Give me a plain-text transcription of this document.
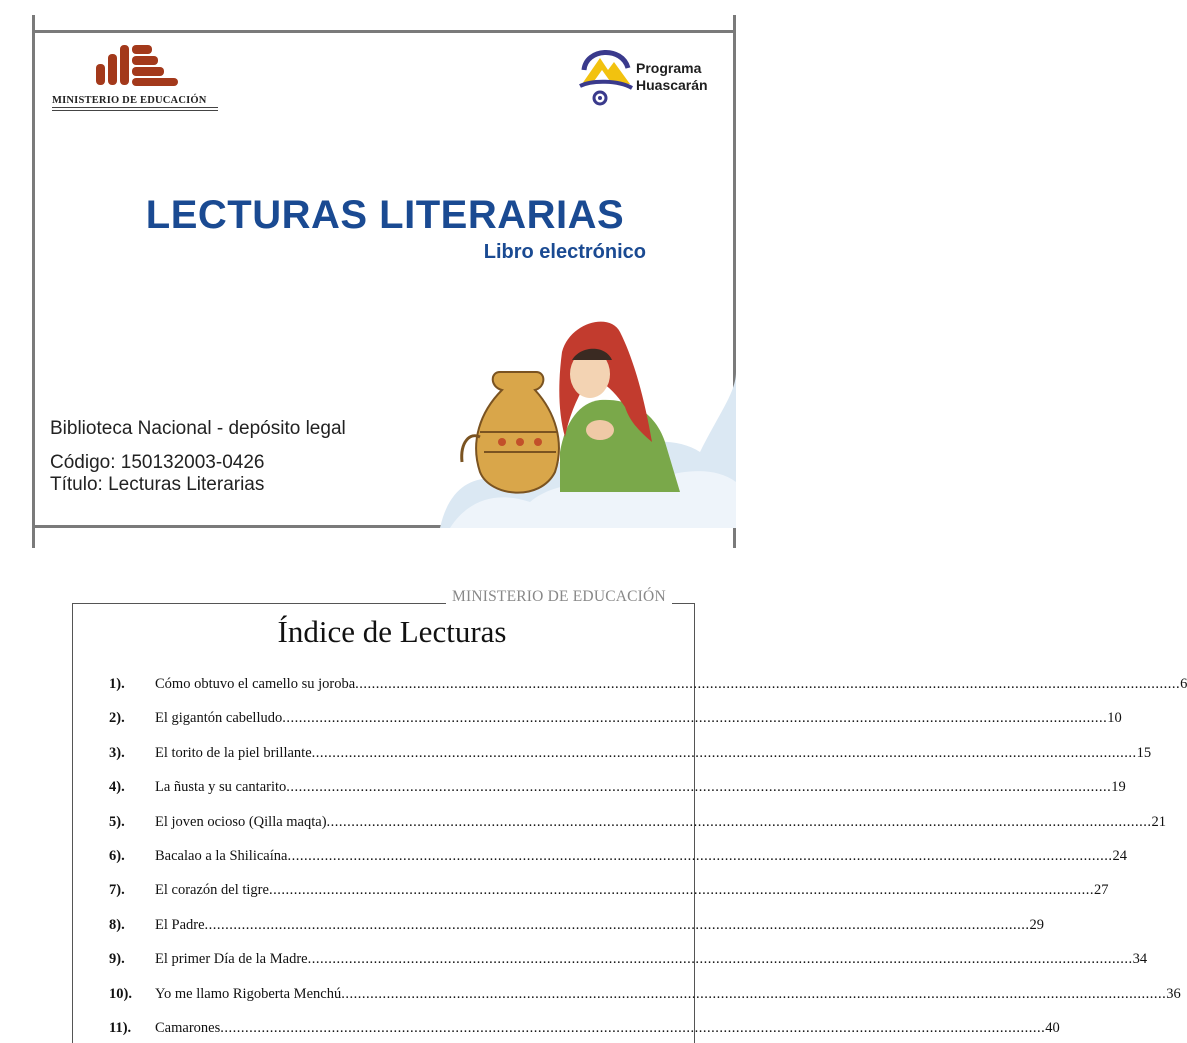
MINISTERIO DE EDUCACIÓN
Programa
Huascarán
LECTURAS LITERARIAS
Libro electrónico
Biblioteca Nacional - depósito legal
Código: 150132003-0426
Título: Lecturas Literarias
MINISTERIO DE EDUCACIÓN
Índice de Lecturas
1). Cómo obtuvo el camello su joroba ........................................................................................................................................................................................................ 6
2). El gigantón cabelludo ........................................................................................................................................................................................................ 10
3). El torito de la piel brillante ........................................................................................................................................................................................................ 15
4). La ñusta y su cantarito ........................................................................................................................................................................................................ 19
5). El joven ocioso (Qilla maqta) ........................................................................................................................................................................................................ 21
6). Bacalao a la Shilicaína ........................................................................................................................................................................................................ 24
7). El corazón del tigre ........................................................................................................................................................................................................ 27
8). El Padre ........................................................................................................................................................................................................ 29
9). El primer Día de la Madre ........................................................................................................................................................................................................ 34
10). Yo me llamo Rigoberta Menchú ........................................................................................................................................................................................................ 36
11). Camarones ........................................................................................................................................................................................................ 40
